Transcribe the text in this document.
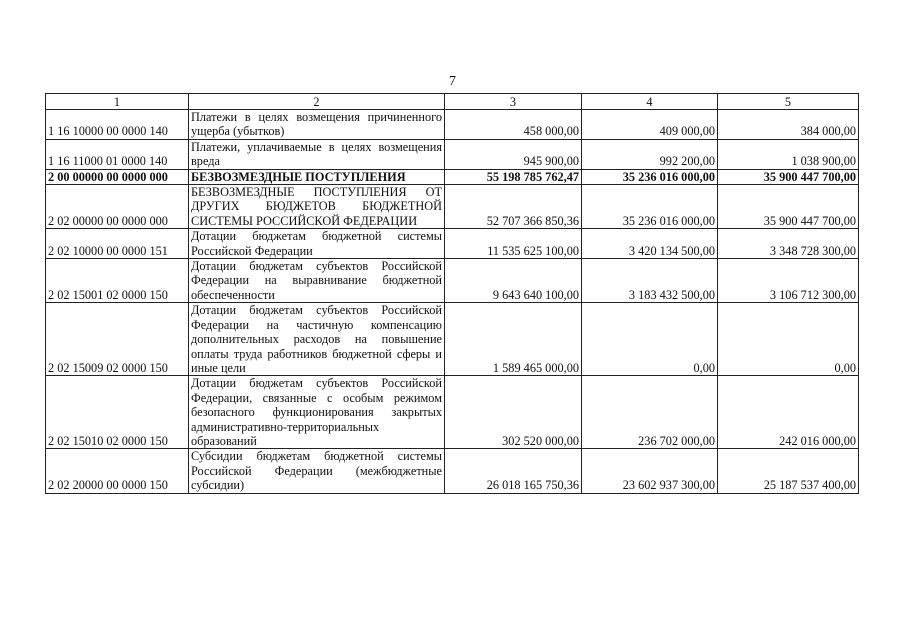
7
1	2	3	4	5
1 16 10000 00 0000 140	Платежи в целях возмещения причиненного ущерба (убытков)	458 000,00	409 000,00	384 000,00
1 16 11000 01 0000 140	Платежи, уплачиваемые в целях возмещения вреда	945 900,00	992 200,00	1 038 900,00
2 00 00000 00 0000 000	БЕЗВОЗМЕЗДНЫЕ ПОСТУПЛЕНИЯ	55 198 785 762,47	35 236 016 000,00	35 900 447 700,00
2 02 00000 00 0000 000	БЕЗВОЗМЕЗДНЫЕ ПОСТУПЛЕНИЯ ОТ ДРУГИХ БЮДЖЕТОВ БЮДЖЕТНОЙ СИСТЕМЫ РОССИЙСКОЙ ФЕДЕРАЦИИ	52 707 366 850,36	35 236 016 000,00	35 900 447 700,00
2 02 10000 00 0000 151	Дотации бюджетам бюджетной системы Российской Федерации	11 535 625 100,00	3 420 134 500,00	3 348 728 300,00
2 02 15001 02 0000 150	Дотации бюджетам субъектов Российской Федерации на выравнивание бюджетной обеспеченности	9 643 640 100,00	3 183 432 500,00	3 106 712 300,00
2 02 15009 02 0000 150	Дотации бюджетам субъектов Российской Федерации на частичную компенсацию дополнительных расходов на повышение оплаты труда работников бюджетной сферы и иные цели	1 589 465 000,00	0,00	0,00
2 02 15010 02 0000 150	Дотации бюджетам субъектов Российской Федерации, связанные с особым режимом безопасного функционирования закрытых административно-территориальных образований	302 520 000,00	236 702 000,00	242 016 000,00
2 02 20000 00 0000 150	Субсидии бюджетам бюджетной системы Российской Федерации (межбюджетные субсидии)	26 018 165 750,36	23 602 937 300,00	25 187 537 400,00
